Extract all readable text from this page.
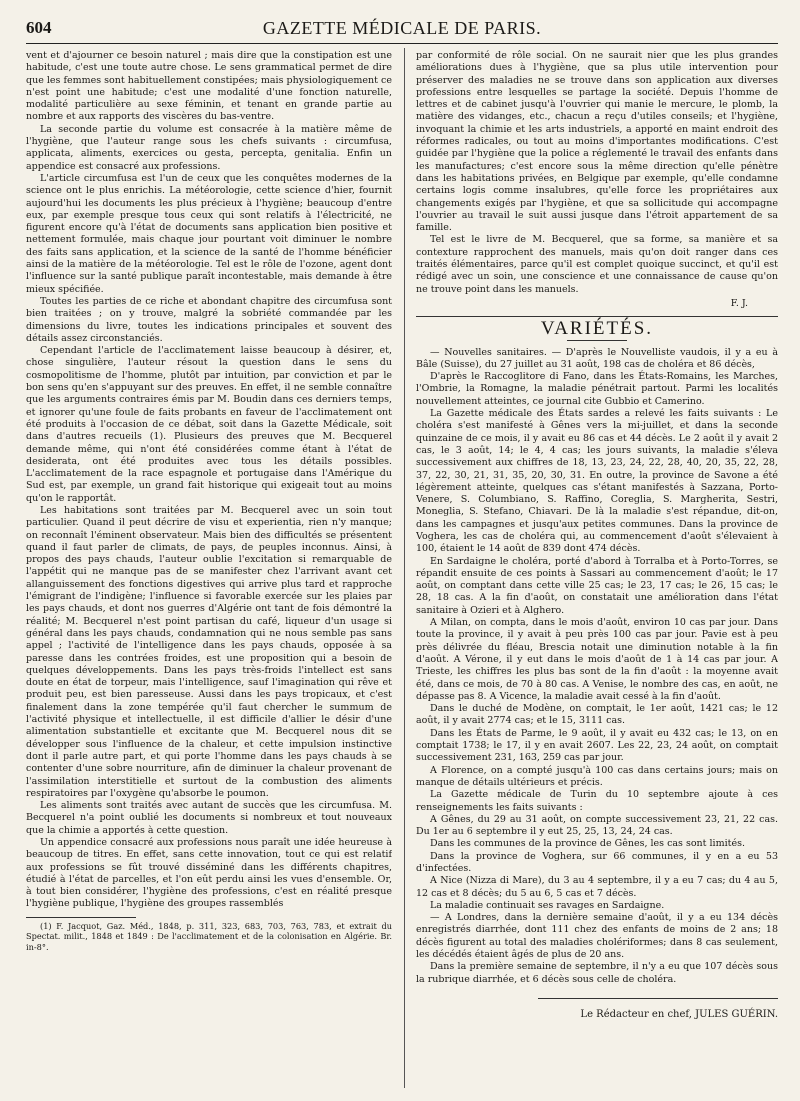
604	GAZETTE MÉDICALE DE PARIS.

vent et d'ajourner ce besoin naturel ; mais dire que la constipation est une habitude, c'est une toute autre chose. Le sens grammatical permet de dire que les femmes sont habituellement constipées; mais physiologiquement ce n'est point une habitude; c'est une modalité d'une fonction naturelle, modalité particulière au sexe féminin, et tenant en grande partie au nombre et aux rapports des viscères du bas-ventre.

La seconde partie du volume est consacrée à la matière même de l'hygiène, que l'auteur range sous les chefs suivants : circumfusa, applicata, aliments, exercices ou gesta, percepta, genitalia. Enfin un appendice est consacré aux professions.

L'article circumfusa est l'un de ceux que les conquêtes modernes de la science ont le plus enrichis. La météorologie, cette science d'hier, fournit aujourd'hui les documents les plus précieux à l'hygiène; beaucoup d'entre eux, par exemple presque tous ceux qui sont relatifs à l'électricité, ne figurent encore qu'à l'état de documents sans application bien positive et nettement formulée, mais chaque jour pourtant voit diminuer le nombre des faits sans application, et la science de la santé de l'homme bénéficier ainsi de la matière de la météorologie. Tel est le rôle de l'ozone, agent dont l'influence sur la santé publique paraît incontestable, mais demande à être mieux spécifiée.

Toutes les parties de ce riche et abondant chapitre des circumfusa sont bien traitées ; on y trouve, malgré la sobriété commandée par les dimensions du livre, toutes les indications principales et souvent des détails assez circonstanciés.

Cependant l'article de l'acclimatement laisse beaucoup à désirer, et, chose singulière, l'auteur résout la question dans le sens du cosmopolitisme de l'homme, plutôt par intuition, par conviction et par le bon sens qu'en s'appuyant sur des preuves. En effet, il ne semble connaître que les arguments contraires émis par M. Boudin dans ces derniers temps, et ignorer qu'une foule de faits probants en faveur de l'acclimatement ont été produits à l'occasion de ce débat, soit dans la Gazette Médicale, soit dans d'autres recueils (1). Plusieurs des preuves que M. Becquerel demande même, qui n'ont été considérées comme étant à l'état de desiderata, ont été produites avec tous les détails possibles. L'acclimatement de la race espagnole et portugaise dans l'Amérique du Sud est, par exemple, un grand fait historique qui exigeait tout au moins qu'on le rapportât.

Les habitations sont traitées par M. Becquerel avec un soin tout particulier. Quand il peut décrire de visu et experientia, rien n'y manque; on reconnaît l'éminent observateur. Mais bien des difficultés se présentent quand il faut parler de climats, de pays, de peuples inconnus. Ainsi, à propos des pays chauds, l'auteur oublie l'excitation si remarquable de l'appétit qui ne manque pas de se manifester chez l'arrivant avant cet allanguissement des fonctions digestives qui arrive plus tard et rapproche l'émigrant de l'indigène; l'influence si favorable exercée sur les plaies par les pays chauds, et dont nos guerres d'Algérie ont tant de fois démontré la réalité; M. Becquerel n'est point partisan du café, liqueur d'un usage si général dans les pays chauds, condamnation qui ne nous semble pas sans appel ; l'activité de l'intelligence dans les pays chauds, opposée à sa paresse dans les contrées froides, est une proposition qui a besoin de quelques développements. Dans les pays très-froids l'intellect est sans doute en état de torpeur, mais l'intelligence, sauf l'imagination qui rêve et produit peu, est bien paresseuse. Aussi dans les pays tropicaux, et c'est finalement dans la zone tempérée qu'il faut chercher le summum de l'activité physique et intellectuelle, il est difficile d'allier le désir d'une alimentation substantielle et excitante que M. Becquerel nous dit se développer sous l'influence de la chaleur, et cette impulsion instinctive dont il parle autre part, et qui porte l'homme dans les pays chauds à se contenter d'une sobre nourriture, afin de diminuer la chaleur provenant de l'assimilation interstitielle et surtout de la combustion des aliments respiratoires par l'oxygène qu'absorbe le poumon.

Les aliments sont traités avec autant de succès que les circumfusa. M. Becquerel n'a point oublié les documents si nombreux et tout nouveaux que la chimie a apportés à cette question.

Un appendice consacré aux professions nous paraît une idée heureuse à beaucoup de titres. En effet, sans cette innovation, tout ce qui est relatif aux professions se fût trouvé disséminé dans les différents chapitres, étudié à l'état de parcelles, et l'on eût perdu ainsi les vues d'ensemble. Or, à tout bien considérer, l'hygiène des professions, c'est en réalité presque l'hygiène publique, l'hygiène des groupes rassemblés

(1) F. Jacquot, Gaz. Méd., 1848, p. 311, 323, 683, 703, 763, 783, et extrait du Spectat. milit., 1848 et 1849 : De l'acclimatement et de la colonisation en Algérie. Br. in-8°.

par conformité de rôle social. On ne saurait nier que les plus grandes améliorations dues à l'hygiène, que sa plus utile intervention pour préserver des maladies ne se trouve dans son application aux diverses professions entre lesquelles se partage la société. Depuis l'homme de lettres et de cabinet jusqu'à l'ouvrier qui manie le mercure, le plomb, la matière des vidanges, etc., chacun a reçu d'utiles conseils; et l'hygiène, invoquant la chimie et les arts industriels, a apporté en maint endroit des réformes radicales, ou tout au moins d'importantes modifications. C'est guidée par l'hygiène que la police a réglementé le travail des enfants dans les manufactures; c'est encore sous la même direction qu'elle pénètre dans les habitations privées, en Belgique par exemple, qu'elle condamne certains logis comme insalubres, qu'elle force les propriétaires aux changements exigés par l'hygiène, et que sa sollicitude qui accompagne l'ouvrier au travail le suit aussi jusque dans l'étroit appartement de sa famille.

Tel est le livre de M. Becquerel, que sa forme, sa manière et sa contexture rapprochent des manuels, mais qu'on doit ranger dans ces traités élémentaires, parce qu'il est complet quoique succinct, et qu'il est rédigé avec un soin, une conscience et une connaissance de cause qu'on ne trouve point dans les manuels.

F. J.
VARIÉTÉS.

— Nouvelles sanitaires. — D'après le Nouvelliste vaudois, il y a eu à Bâle (Suisse), du 27 juillet au 31 août, 198 cas de choléra et 86 décès,

D'après le Raccoglitore di Fano, dans les États-Romains, les Marches, l'Ombrie, la Romagne, la maladie pénétrait partout. Parmi les localités nouvellement atteintes, ce journal cite Gubbio et Camerino.

La Gazette médicale des États sardes a relevé les faits suivants : Le choléra s'est manifesté à Gênes vers la mi-juillet, et dans la seconde quinzaine de ce mois, il y avait eu 86 cas et 44 décès. Le 2 août il y avait 2 cas, le 3 août, 14; le 4, 4 cas; les jours suivants, la maladie s'éleva successivement aux chiffres de 18, 13, 23, 24, 22, 28, 40, 20, 35, 22, 28, 37, 22, 30, 21, 31, 35, 20, 30, 31. En outre, la province de Savone a été légèrement atteinte, quelques cas s'étant manifestés à Sazzana, Porto-Venere, S. Columbiano, S. Raffino, Coreglia, S. Margherita, Sestri, Moneglia, S. Stefano, Chiavari. De là la maladie s'est répandue, dit-on, dans les campagnes et jusqu'aux petites communes. Dans la province de Voghera, les cas de choléra qui, au commencement d'août s'élevaient à 100, étaient le 14 août de 839 dont 474 décès.

En Sardaigne le choléra, porté d'abord à Torralba et à Porto-Torres, se répandit ensuite de ces points à Sassari au commencement d'août; le 17 août, on comptant dans cette ville 25 cas; le 23, 17 cas; le 26, 15 cas; le 28, 18 cas. A la fin d'août, on constatait une amélioration dans l'état sanitaire à Ozieri et à Alghero.

A Milan, on compta, dans le mois d'août, environ 10 cas par jour. Dans toute la province, il y avait à peu près 100 cas par jour. Pavie est à peu près délivrée du fléau, Brescia notait une diminution notable à la fin d'août. A Vérone, il y eut dans le mois d'août de 1 à 14 cas par jour. A Trieste, les chiffres les plus bas sont de la fin d'août : la moyenne avait été, dans ce mois, de 70 à 80 cas. A Venise, le nombre des cas, en août, ne dépasse pas 8. A Vicence, la maladie avait cessé à la fin d'août.

Dans le duché de Modène, on comptait, le 1er août, 1421 cas; le 12 août, il y avait 2774 cas; et le 15, 3111 cas.

Dans les États de Parme, le 9 août, il y avait eu 432 cas; le 13, on en comptait 1738; le 17, il y en avait 2607. Les 22, 23, 24 août, on comptait successivement 231, 163, 259 cas par jour.

A Florence, on a compté jusqu'à 100 cas dans certains jours; mais on manque de détails ultérieurs et précis.

La Gazette médicale de Turin du 10 septembre ajoute à ces renseignements les faits suivants :

A Gênes, du 29 au 31 août, on compte successivement 23, 21, 22 cas. Du 1er au 6 septembre il y eut 25, 25, 13, 24, 24 cas.

Dans les communes de la province de Gênes, les cas sont limités.

Dans la province de Voghera, sur 66 communes, il y en a eu 53 d'infectées.

A Nice (Nizza di Mare), du 3 au 4 septembre, il y a eu 7 cas; du 4 au 5, 12 cas et 8 décès; du 5 au 6, 5 cas et 7 décès.

La maladie continuait ses ravages en Sardaigne.

— A Londres, dans la dernière semaine d'août, il y a eu 134 décès enregistrés diarrhée, dont 111 chez des enfants de moins de 2 ans; 18 décès figurent au total des maladies cholériformes; dans 8 cas seulement, les décédés étaient âgés de plus de 20 ans.

Dans la première semaine de septembre, il n'y a eu que 107 décès sous la rubrique diarrhée, et 6 décès sous celle de choléra.

Le Rédacteur en chef, JULES GUÉRIN.
